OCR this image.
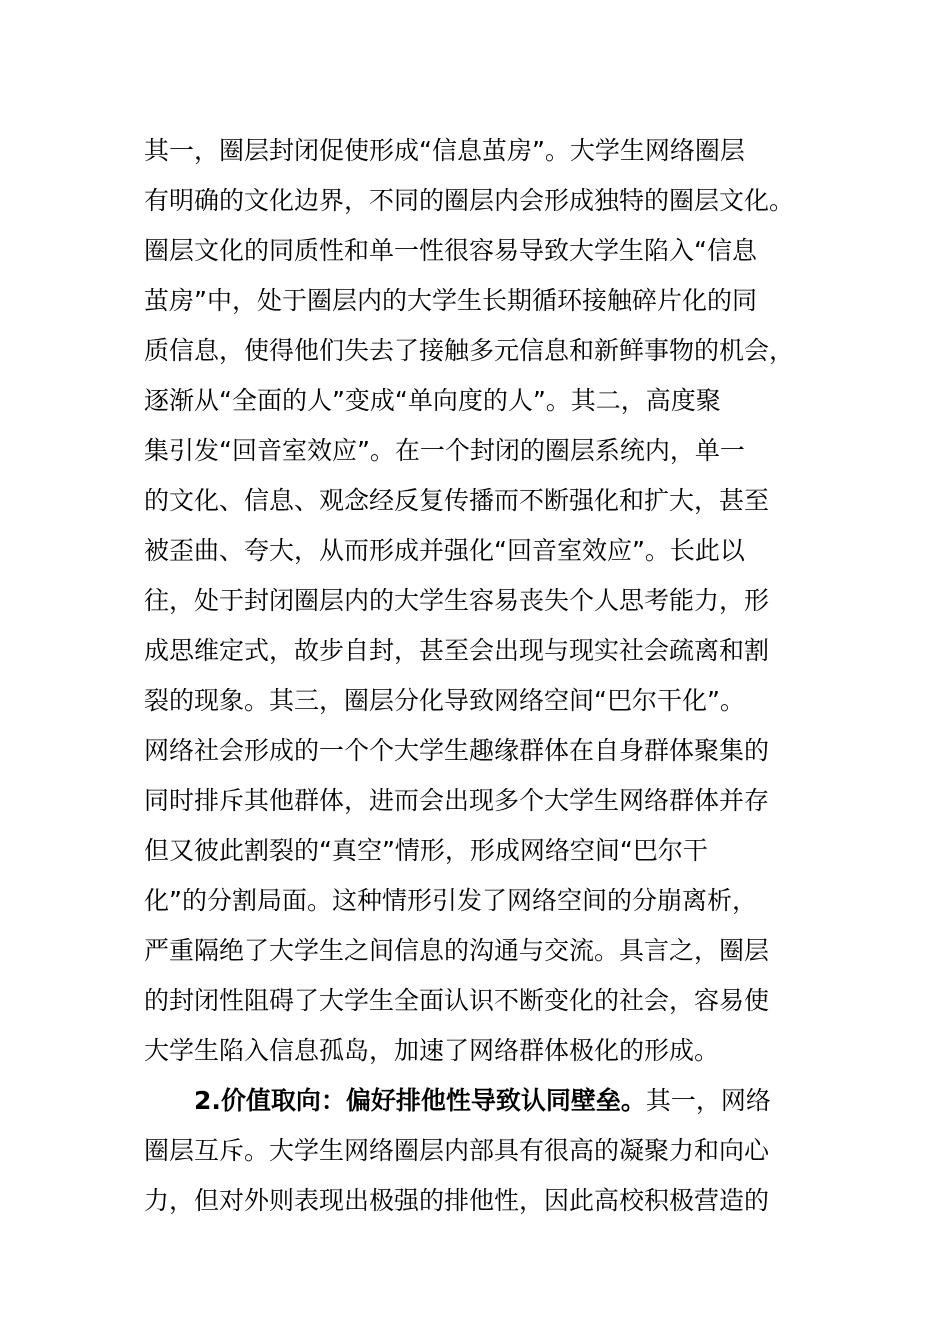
其一，圈层封闭促使形成“信息茧房”。大学生网络圈层
有明确的文化边界，不同的圈层内会形成独特的圈层文化。
圈层文化的同质性和单一性很容易导致大学生陷入“信息
茧房”中，处于圈层内的大学生长期循环接触碎片化的同
质信息，使得他们失去了接触多元信息和新鲜事物的机会，
逐渐从“全面的人”变成“单向度的人”。其二，高度聚
集引发“回音室效应”。在一个封闭的圈层系统内，单一
的文化、信息、观念经反复传播而不断强化和扩大，甚至
被歪曲、夸大，从而形成并强化“回音室效应”。长此以
往，处于封闭圈层内的大学生容易丧失个人思考能力，形
成思维定式，故步自封，甚至会出现与现实社会疏离和割
裂的现象。其三，圈层分化导致网络空间“巴尔干化”。
网络社会形成的一个个大学生趣缘群体在自身群体聚集的
同时排斥其他群体，进而会出现多个大学生网络群体并存
但又彼此割裂的“真空”情形，形成网络空间“巴尔干
化”的分割局面。这种情形引发了网络空间的分崩离析，
严重隔绝了大学生之间信息的沟通与交流。具言之，圈层
的封闭性阻碍了大学生全面认识不断变化的社会，容易使
大学生陷入信息孤岛，加速了网络群体极化的形成。
2.价值取向：偏好排他性导致认同壁垒。其一，网络
圈层互斥。大学生网络圈层内部具有很高的凝聚力和向心
力，但对外则表现出极强的排他性，因此高校积极营造的
